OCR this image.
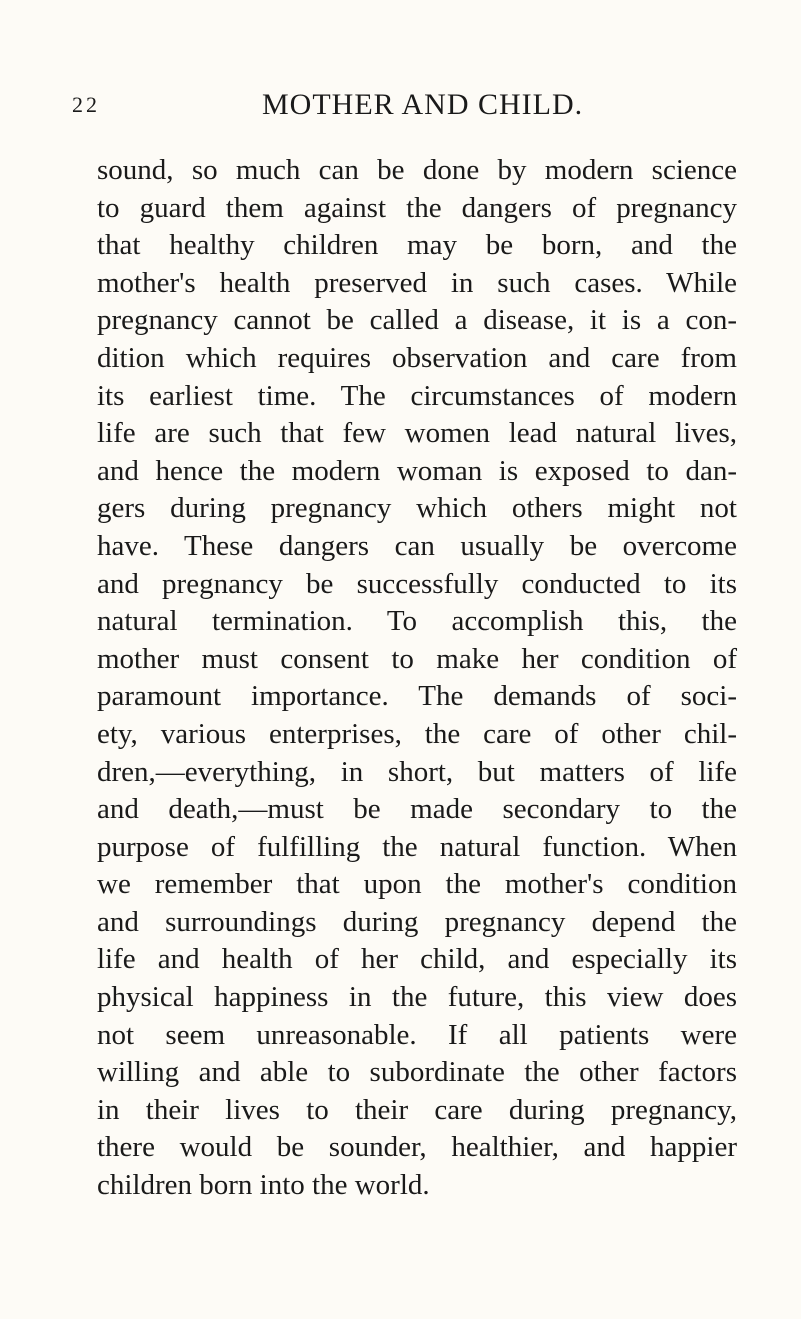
22	MOTHER AND CHILD.
sound, so much can be done by modern science
to guard them against the dangers of pregnancy
that healthy children may be born, and the
mother's health preserved in such cases. While
pregnancy cannot be called a disease, it is a con-
dition which requires observation and care from
its earliest time. The circumstances of modern
life are such that few women lead natural lives,
and hence the modern woman is exposed to dan-
gers during pregnancy which others might not
have. These dangers can usually be overcome
and pregnancy be successfully conducted to its
natural termination. To accomplish this, the
mother must consent to make her condition of
paramount importance. The demands of soci-
ety, various enterprises, the care of other chil-
dren,—everything, in short, but matters of life
and death,—must be made secondary to the
purpose of fulfilling the natural function. When
we remember that upon the mother's condition
and surroundings during pregnancy depend the
life and health of her child, and especially its
physical happiness in the future, this view does
not seem unreasonable. If all patients were
willing and able to subordinate the other factors
in their lives to their care during pregnancy,
there would be sounder, healthier, and happier
children born into the world.
